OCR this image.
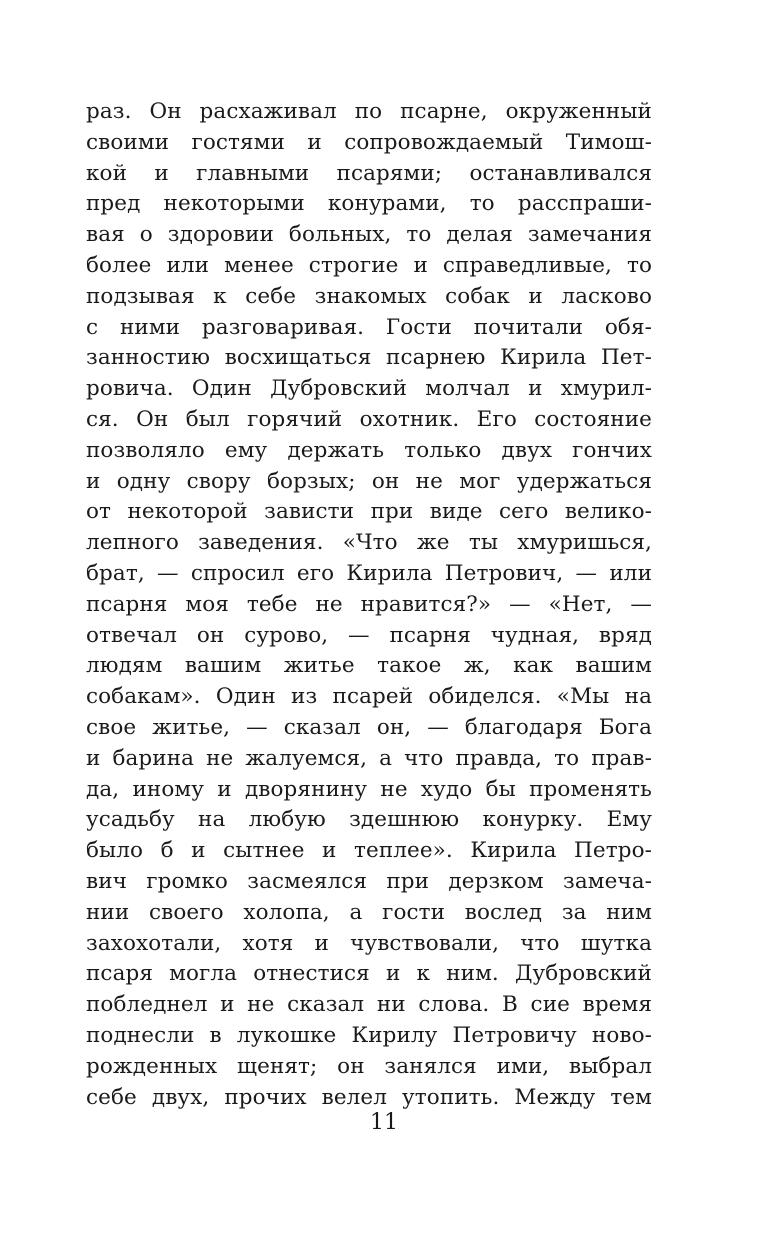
раз. Он расхаживал по псарне, окруженный
своими гостями и сопровождаемый Тимош-
кой и главными псарями; останавливался
пред некоторыми конурами, то расспраши-
вая о здоровии больных, то делая замечания
более или менее строгие и справедливые, то
подзывая к себе знакомых собак и ласково
с ними разговаривая. Гости почитали обя-
занностию восхищаться псарнею Кирила Пет-
ровича. Один Дубровский молчал и хмурил-
ся. Он был горячий охотник. Его состояние
позволяло ему держать только двух гончих
и одну свору борзых; он не мог удержаться
от некоторой зависти при виде сего велико-
лепного заведения. «Что же ты хмуришься,
брат, — спросил его Кирила Петрович, — или
псарня моя тебе не нравится?» — «Нет, —
отвечал он сурово, — псарня чудная, вряд
людям вашим житье такое ж, как вашим
собакам». Один из псарей обиделся. «Мы на
свое житье, — сказал он, — благодаря Бога
и барина не жалуемся, а что правда, то прав-
да, иному и дворянину не худо бы променять
усадьбу на любую здешнюю конурку. Ему
было б и сытнее и теплее». Кирила Петро-
вич громко засмеялся при дерзком замеча-
нии своего холопа, а гости вослед за ним
захохотали, хотя и чувствовали, что шутка
псаря могла отнестися и к ним. Дубровский
побледнел и не сказал ни слова. В сие время
поднесли в лукошке Кирилу Петровичу ново-
рожденных щенят; он занялся ими, выбрал
себе двух, прочих велел утопить. Между тем
11
